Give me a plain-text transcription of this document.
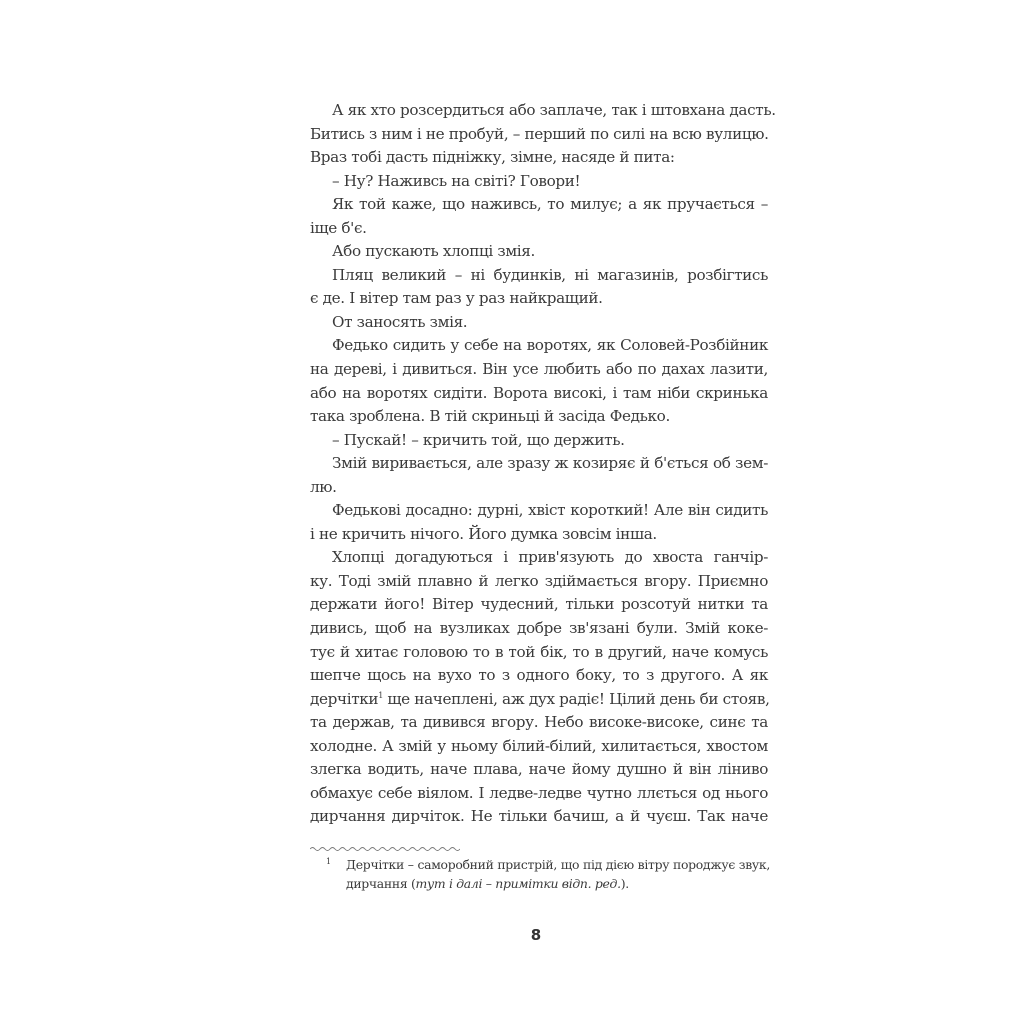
А як хто розсердиться або заплаче, так і штовхана дасть.
Битись з ним і не пробуй, – перший по силі на всю вулицю.
Враз тобі дасть підніжку, зімне, насяде й пита:
– Ну? Наживсь на світі? Говори!
Як той каже, що наживсь, то милує; а як пручається –
іще б'є.
Або пускають хлопці змія.
Пляц великий – ні будинків, ні магазинів, розбігтись
є де. І вітер там раз у раз найкращий.
От заносять змія.
Федько сидить у себе на воротях, як Соловей-Розбійник
на дереві, і дивиться. Він усе любить або по дахах лазити,
або на воротях сидіти. Ворота високі, і там ніби скринька
така зроблена. В тій скриньці й засіда Федько.
– Пускай! – кричить той, що держить.
Змій виривається, але зразу ж козиряє й б'ється об зем-
лю.
Федькові досадно: дурні, хвіст короткий! Але він сидить
і не кричить нічого. Його думка зовсім інша.
Хлопці догадуються і прив'язують до хвоста ганчір-
ку. Тоді змій плавно й легко здіймається вгору. Приємно
держати його! Вітер чудесний, тільки розсотуй нитки та
дивись, щоб на вузликах добре зв'язані були. Змій коке-
тує й хитає головою то в той бік, то в другий, наче комусь
шепче щось на вухо то з одного боку, то з другого. А як
дерчітки$^1$ ще начеплені, аж дух радіє! Цілий день би стояв,
та держав, та дивився вгору. Небо високе-високе, синє та
холодне. А змій у ньому білий-білий, хилитається, хвостом
злегка водить, наче плава, наче йому душно й він ліниво
обмахує себе віялом. І ледве-ледве чутно ллється од нього
дирчання дирчіток. Не тільки бачиш, а й чуєш. Так наче
1 Дерчітки – саморобний пристрій, що під дією вітру породжує звук,
дирчання (тут і далі – примітки відп. ред.).
8
